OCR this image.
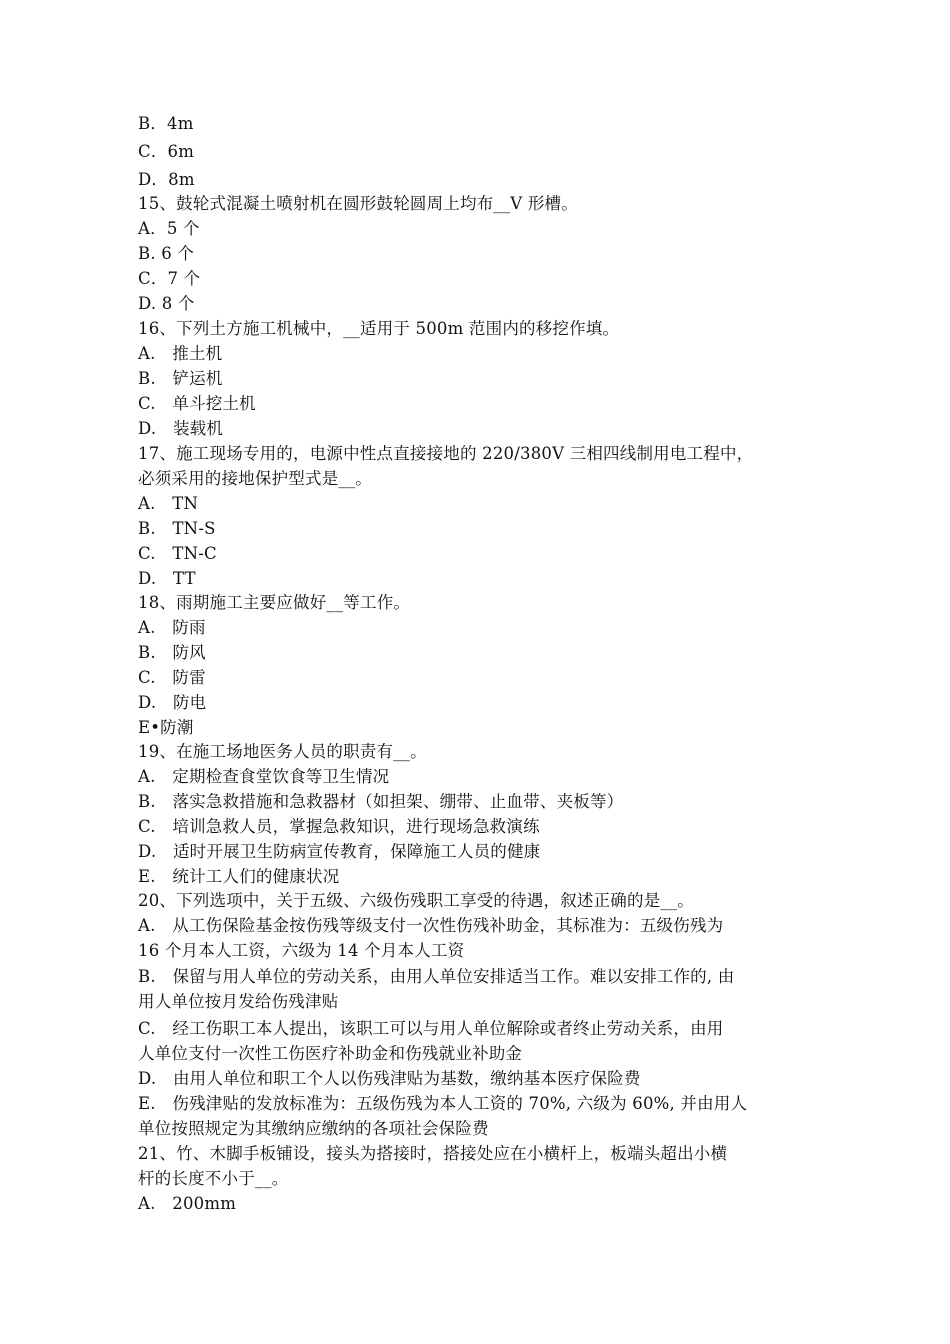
B．4m
C．6m
D．8m
15、鼓轮式混凝土喷射机在圆形鼓轮圆周上均布__V 形槽。
A．5 个
B. 6 个
C．7 个
D. 8 个
16、下列土方施工机械中，__适用于 500m 范围内的移挖作填。
A.　推土机
B.　铲运机
C.　单斗挖土机
D.　装载机
17、施工现场专用的，电源中性点直接接地的 220/380V 三相四线制用电工程中，
必须采用的接地保护型式是__。
A.　TN
B.　TN-S
C.　TN-C
D.　TT
18、雨期施工主要应做好__等工作。
A.　防雨
B.　防风
C.　防雷
D.　防电
E•防潮
19、在施工场地医务人员的职责有__。
A.　定期检查食堂饮食等卫生情况
B.　落实急救措施和急救器材（如担架、绷带、止血带、夹板等）
C.　培训急救人员，掌握急救知识，进行现场急救演练
D.　适时开展卫生防病宣传教育，保障施工人员的健康
E.　统计工人们的健康状况
20、下列选项中，关于五级、六级伤残职工享受的待遇，叙述正确的是__。
A.　从工伤保险基金按伤残等级支付一次性伤残补助金，其标准为：五级伤残为
16 个月本人工资，六级为 14 个月本人工资
B.　保留与用人单位的劳动关系，由用人单位安排适当工作。难以安排工作的, 由
用人单位按月发给伤残津贴
C.　经工伤职工本人提出，该职工可以与用人单位解除或者终止劳动关系，由用
人单位支付一次性工伤医疗补助金和伤残就业补助金
D.　由用人单位和职工个人以伤残津贴为基数，缴纳基本医疗保险费
E.　伤残津贴的发放标准为：五级伤残为本人工资的 70%, 六级为 60%, 并由用人
单位按照规定为其缴纳应缴纳的各项社会保险费
21、竹、木脚手板铺设，接头为搭接时，搭接处应在小横杆上，板端头超出小横
杆的长度不小于__。
A.　200mm
